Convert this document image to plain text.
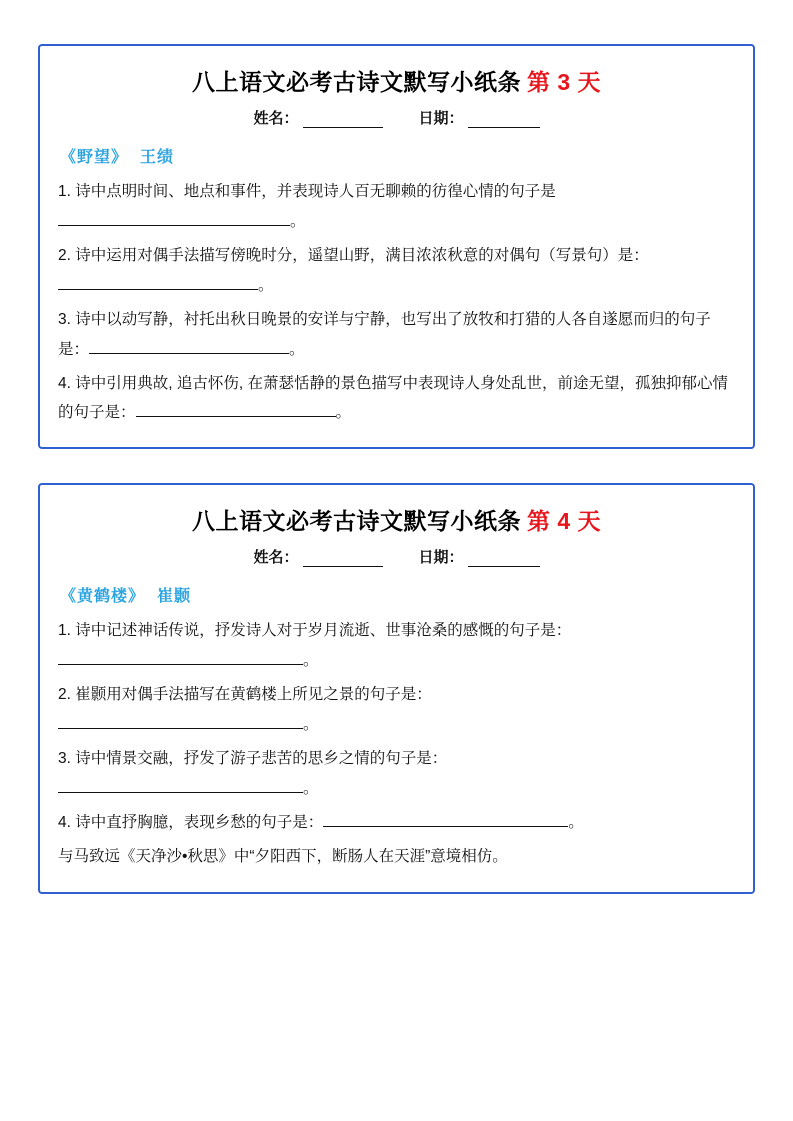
八上语文必考古诗文默写小纸条 第 3 天
姓名：	日期：
《野望》 王绩

1. 诗中点明时间、地点和事件，并表现诗人百无聊赖的彷徨心情的句子是。

2. 诗中运用对偶手法描写傍晚时分，遥望山野，满目浓浓秋意的对偶句（写景句）是：。

3. 诗中以动写静，衬托出秋日晚景的安详与宁静，也写出了放牧和打猎的人各自遂愿而归的句子是：	。

4. 诗中引用典故, 追古怀伤, 在萧瑟恬静的景色描写中表现诗人身处乱世，前途无望，孤独抑郁心情的句子是：	。

八上语文必考古诗文默写小纸条 第 4 天
姓名：	日期：
《黄鹤楼》 崔颢

1. 诗中记述神话传说，抒发诗人对于岁月流逝、世事沧桑的感慨的句子是：。

2. 崔颢用对偶手法描写在黄鹤楼上所见之景的句子是：
。

3. 诗中情景交融，抒发了游子悲苦的思乡之情的句子是：
。

4. 诗中直抒胸臆，表现乡愁的句子是：	。

与马致远《天净沙•秋思》中“夕阳西下，断肠人在天涯”意境相仿。
